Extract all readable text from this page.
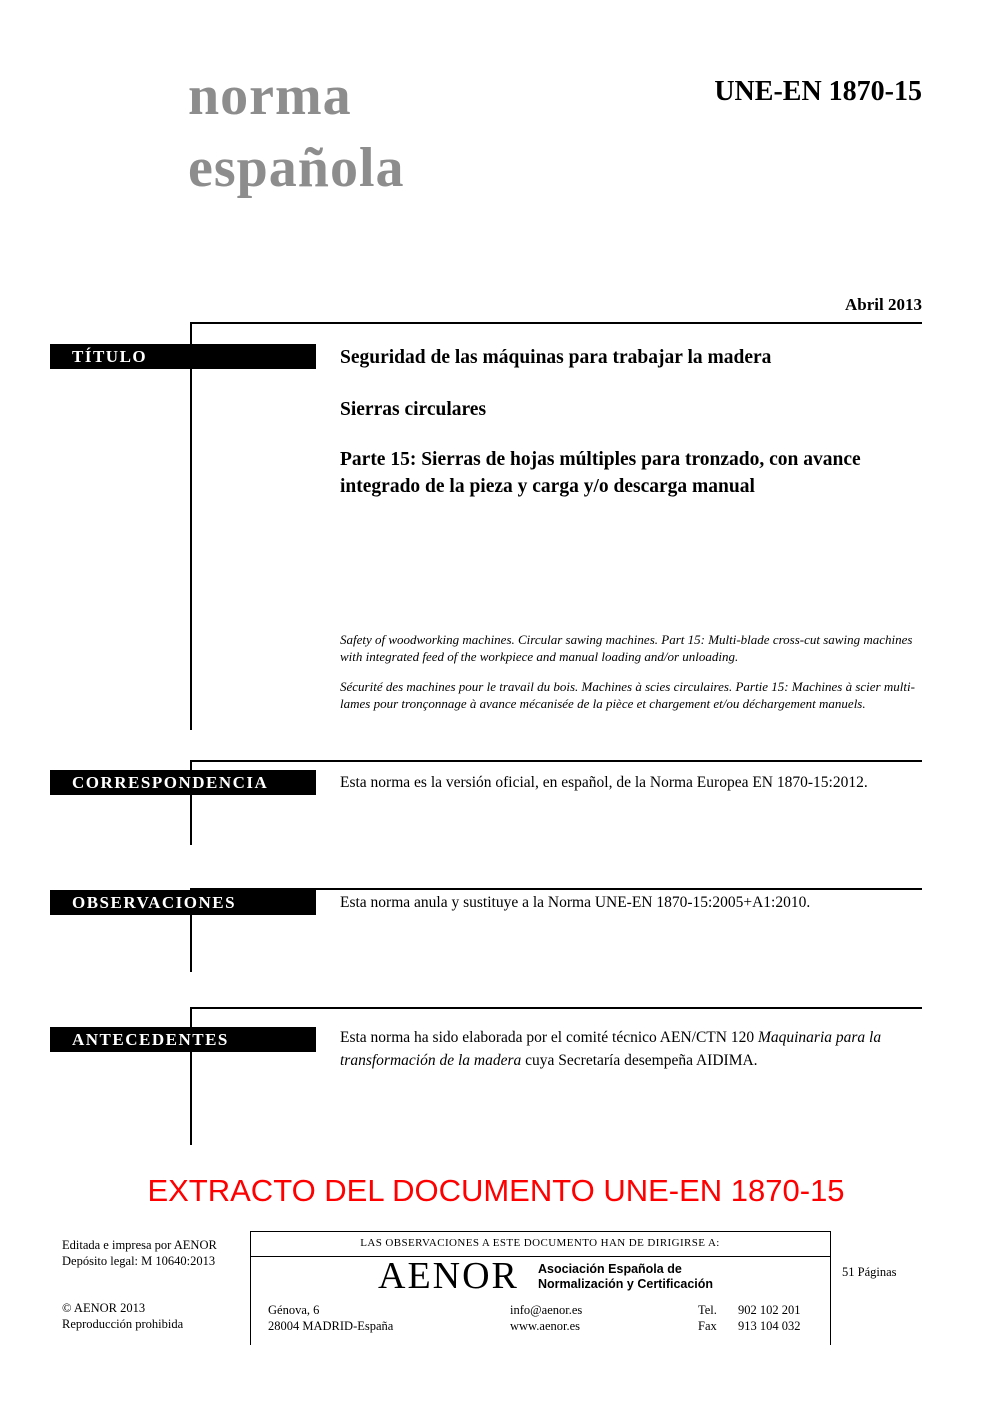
norma
española
UNE-EN 1870-15
Abril 2013
TÍTULO	Seguridad de las máquinas para trabajar la madera
Sierras circulares
Parte 15: Sierras de hojas múltiples para tronzado, con avance integrado de la pieza y carga y/o descarga manual
Safety of woodworking machines. Circular sawing machines. Part 15: Multi-blade cross-cut sawing machines with integrated feed of the workpiece and manual loading and/or unloading.
Sécurité des machines pour le travail du bois. Machines à scies circulaires. Partie 15: Machines à scier multi-lames pour tronçonnage à avance mécanisée de la pièce et chargement et/ou déchargement manuels.
CORRESPONDENCIA	Esta norma es la versión oficial, en español, de la Norma Europea EN 1870-15:2012.
OBSERVACIONES	Esta norma anula y sustituye a la Norma UNE-EN 1870-15:2005+A1:2010.
ANTECEDENTES	Esta norma ha sido elaborada por el comité técnico AEN/CTN 120 Maquinaria para la transformación de la madera cuya Secretaría desempeña AIDIMA.
EXTRACTO DEL DOCUMENTO UNE-EN 1870-15
Editada e impresa por AENOR
Depósito legal: M 10640:2013
© AENOR 2013
Reproducción prohibida
LAS OBSERVACIONES A ESTE DOCUMENTO HAN DE DIRIGIRSE A:
AENOR Asociación Española de
Normalización y Certificación
51 Páginas
Génova, 6
28004 MADRID-España
info@aenor.es
www.aenor.es
Tel.	902 102 201
Fax	913 104 032
